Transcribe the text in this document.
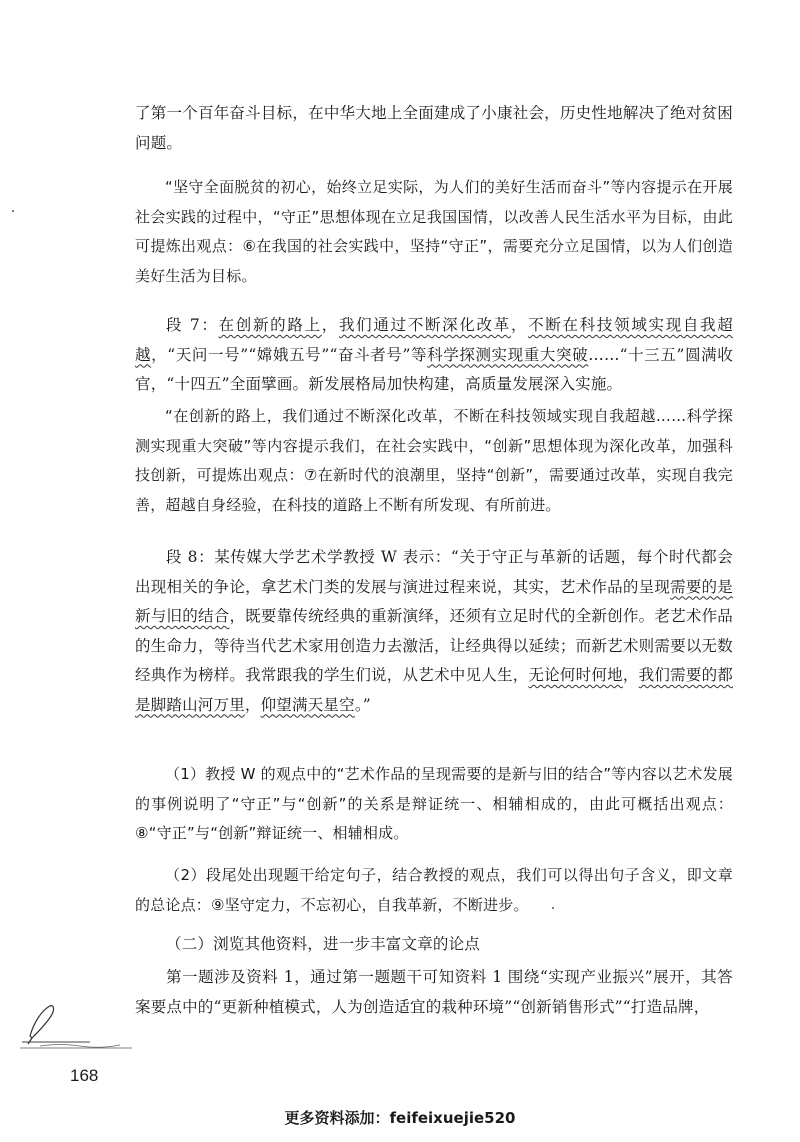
了第一个百年奋斗目标，在中华大地上全面建成了小康社会，历史性地解决了绝对贫困问题。
“坚守全面脱贫的初心，始终立足实际，为人们的美好生活而奋斗”等内容提示在开展社会实践的过程中，“守正”思想体现在立足我国国情，以改善人民生活水平为目标，由此可提炼出观点：⑥在我国的社会实践中，坚持“守正”，需要充分立足国情，以为人们创造美好生活为目标。
段 7：在创新的路上，我们通过不断深化改革，不断在科技领域实现自我超越，“天问一号”“嫦娥五号”“奋斗者号”等科学探测实现重大突破……“十三五”圆满收官，“十四五”全面擘画。新发展格局加快构建，高质量发展深入实施。
“在创新的路上，我们通过不断深化改革，不断在科技领域实现自我超越……科学探测实现重大突破”等内容提示我们，在社会实践中，“创新”思想体现为深化改革，加强科技创新，可提炼出观点：⑦在新时代的浪潮里，坚持“创新”，需要通过改革，实现自我完善，超越自身经验，在科技的道路上不断有所发现、有所前进。
段 8：某传媒大学艺术学教授 W 表示：“关于守正与革新的话题，每个时代都会出现相关的争论，拿艺术门类的发展与演进过程来说，其实，艺术作品的呈现需要的是新与旧的结合，既要靠传统经典的重新演绎，还须有立足时代的全新创作。老艺术作品的生命力，等待当代艺术家用创造力去激活，让经典得以延续；而新艺术则需要以无数经典作为榜样。我常跟我的学生们说，从艺术中见人生，无论何时何地，我们需要的都是脚踏山河万里，仰望满天星空。”
（1）教授 W 的观点中的“艺术作品的呈现需要的是新与旧的结合”等内容以艺术发展的事例说明了“守正”与“创新”的关系是辩证统一、相辅相成的，由此可概括出观点：⑧“守正”与“创新”辩证统一、相辅相成。
（2）段尾处出现题干给定句子，结合教授的观点，我们可以得出句子含义，即文章的总论点：⑨坚守定力，不忘初心，自我革新，不断进步。
（二）浏览其他资料，进一步丰富文章的论点
第一题涉及资料 1，通过第一题题干可知资料 1 围绕“实现产业振兴”展开，其答案要点中的“更新种植模式，人为创造适宜的栽种环境”“创新销售形式”“打造品牌，
168
更多资料添加：feifeixuejie520
